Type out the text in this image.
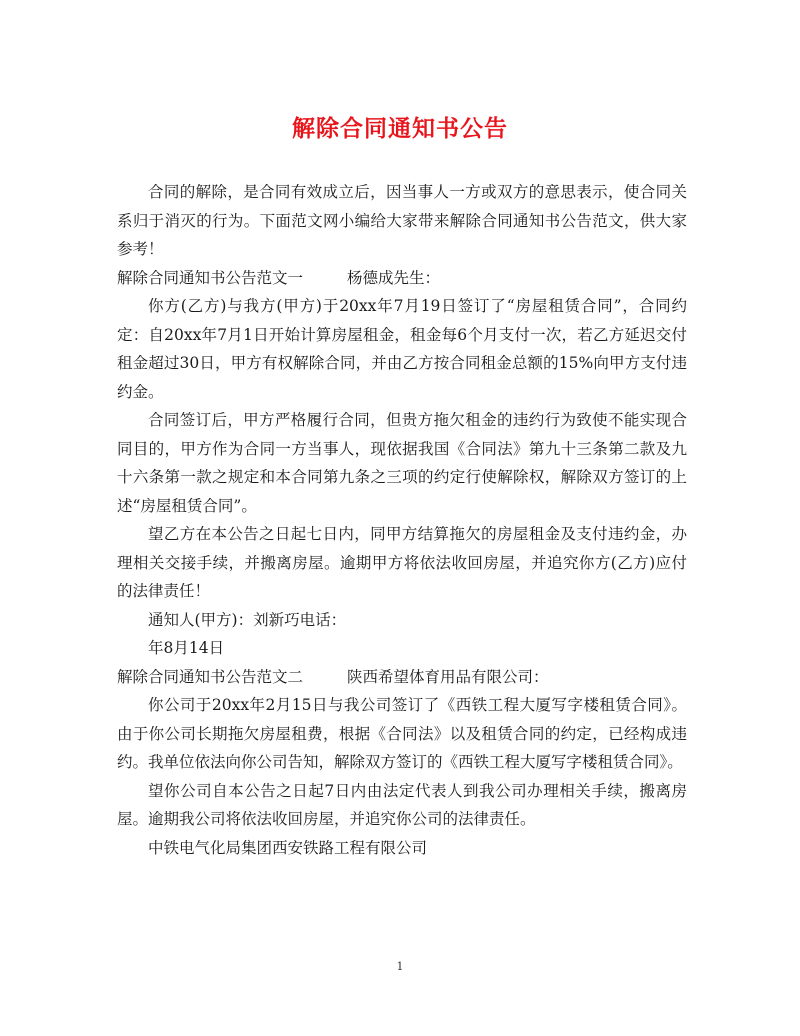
解除合同通知书公告

合同的解除，是合同有效成立后，因当事人一方或双方的意思表示，使合同关系归于消灭的行为。下面范文网小编给大家带来解除合同通知书公告范文，供大家参考！

解除合同通知书公告范文一	杨德成先生：

你方(乙方)与我方(甲方)于20xx年7月19日签订了“房屋租赁合同”，合同约定：自20xx年7月1日开始计算房屋租金，租金每6个月支付一次，若乙方延迟交付租金超过30日，甲方有权解除合同，并由乙方按合同租金总额的15%向甲方支付违约金。

合同签订后，甲方严格履行合同，但贵方拖欠租金的违约行为致使不能实现合同目的，甲方作为合同一方当事人，现依据我国《合同法》第九十三条第二款及九十六条第一款之规定和本合同第九条之三项的约定行使解除权，解除双方签订的上述“房屋租赁合同”。

望乙方在本公告之日起七日内，同甲方结算拖欠的房屋租金及支付违约金，办理相关交接手续，并搬离房屋。逾期甲方将依法收回房屋，并追究你方(乙方)应付的法律责任！

通知人(甲方)：刘新巧电话：

年8月14日

解除合同通知书公告范文二	陕西希望体育用品有限公司：

你公司于20xx年2月15日与我公司签订了《西铁工程大厦写字楼租赁合同》。由于你公司长期拖欠房屋租费，根据《合同法》以及租赁合同的约定，已经构成违约。我单位依法向你公司告知，解除双方签订的《西铁工程大厦写字楼租赁合同》。

望你公司自本公告之日起7日内由法定代表人到我公司办理相关手续，搬离房屋。逾期我公司将依法收回房屋，并追究你公司的法律责任。

中铁电气化局集团西安铁路工程有限公司

1
